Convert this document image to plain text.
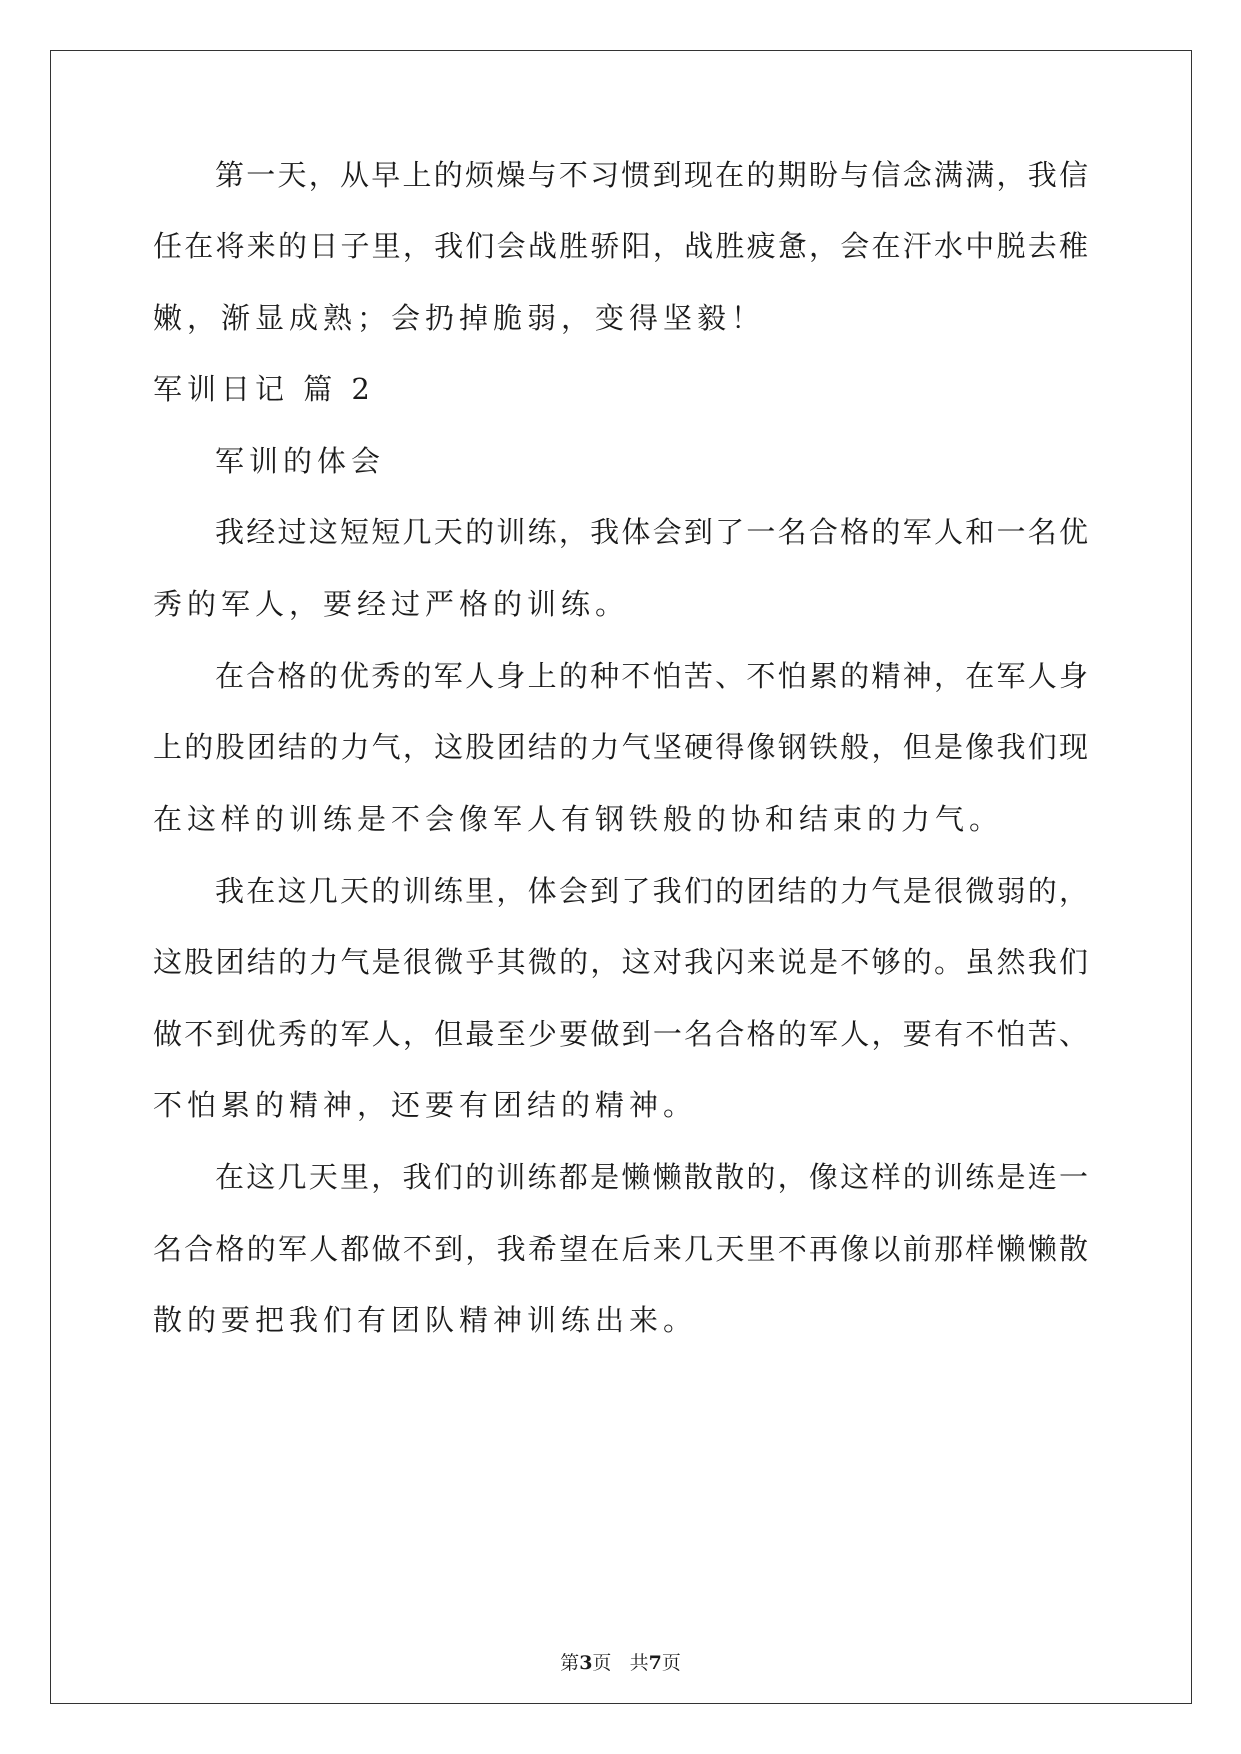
第一天，从早上的烦燥与不习惯到现在的期盼与信念满满，我信
任在将来的日子里，我们会战胜骄阳，战胜疲惫，会在汗水中脱去稚
嫩，渐显成熟；会扔掉脆弱，变得坚毅！
军训日记 篇 2
军训的体会
我经过这短短几天的训练，我体会到了一名合格的军人和一名优
秀的军人，要经过严格的训练。
在合格的优秀的军人身上的种不怕苦、不怕累的精神，在军人身
上的股团结的力气，这股团结的力气坚硬得像钢铁般，但是像我们现
在这样的训练是不会像军人有钢铁般的协和结束的力气。
我在这几天的训练里，体会到了我们的团结的力气是很微弱的，
这股团结的力气是很微乎其微的，这对我闪来说是不够的。虽然我们
做不到优秀的军人，但最至少要做到一名合格的军人，要有不怕苦、
不怕累的精神，还要有团结的精神。
在这几天里，我们的训练都是懒懒散散的，像这样的训练是连一
名合格的军人都做不到，我希望在后来几天里不再像以前那样懒懒散
散的要把我们有团队精神训练出来。
第3页 共7页
